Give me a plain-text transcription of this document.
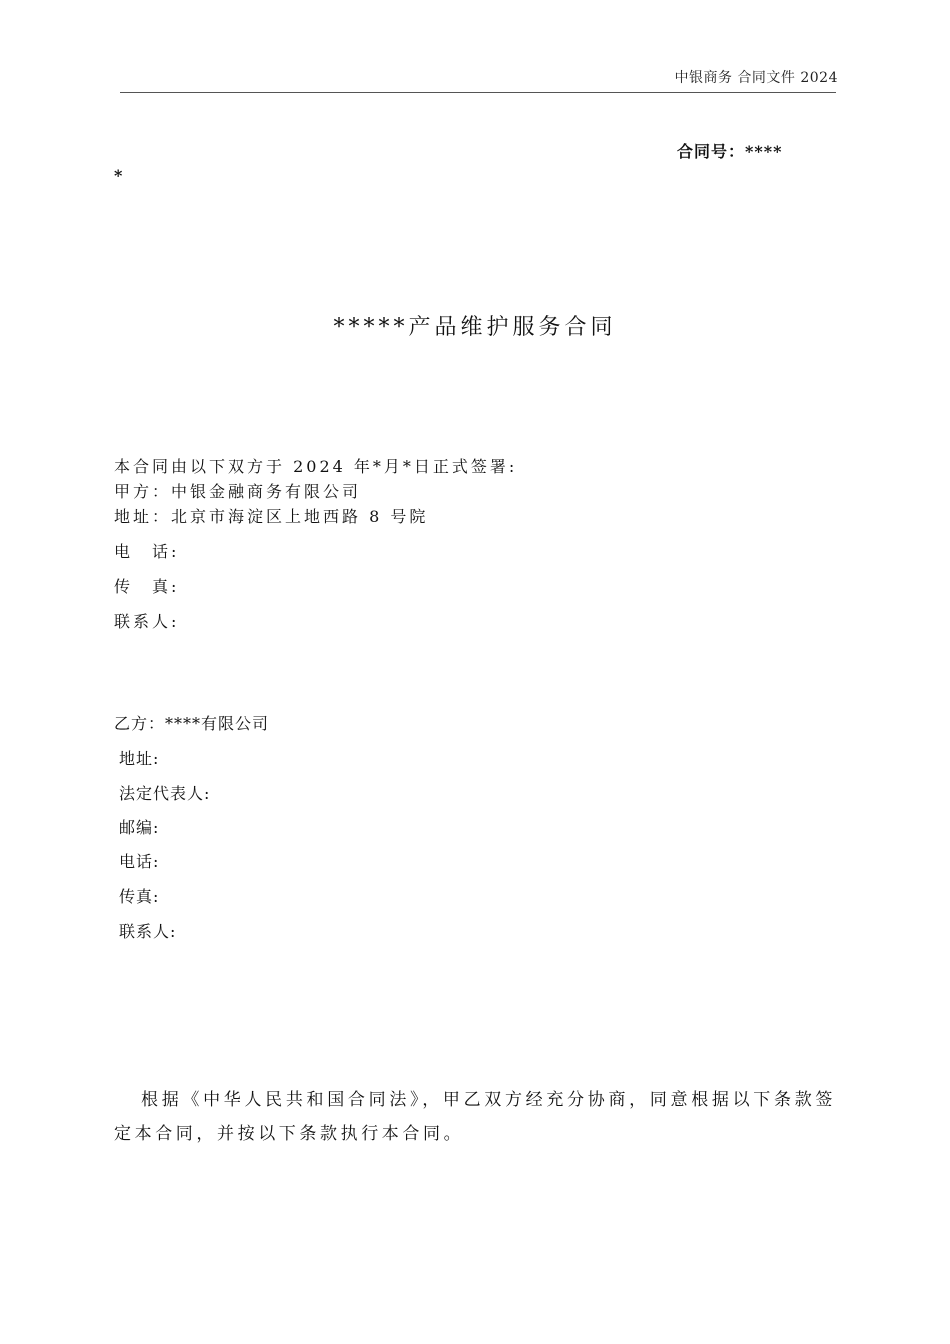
中银商务 合同文件 2024
合同号：****
*
*****产品维护服务合同
本合同由以下双方于 2024 年*月*日正式签署:
甲方：中银金融商务有限公司
地址：北京市海淀区上地西路 8 号院
电　话:
传　真:
联系人:
乙方：****有限公司
地址:
法定代表人:
邮编:
电话:
传真:
联系人:
根据《中华人民共和国合同法》，甲乙双方经充分协商，同意根据以下条款签定本合同，并按以下条款执行本合同。
